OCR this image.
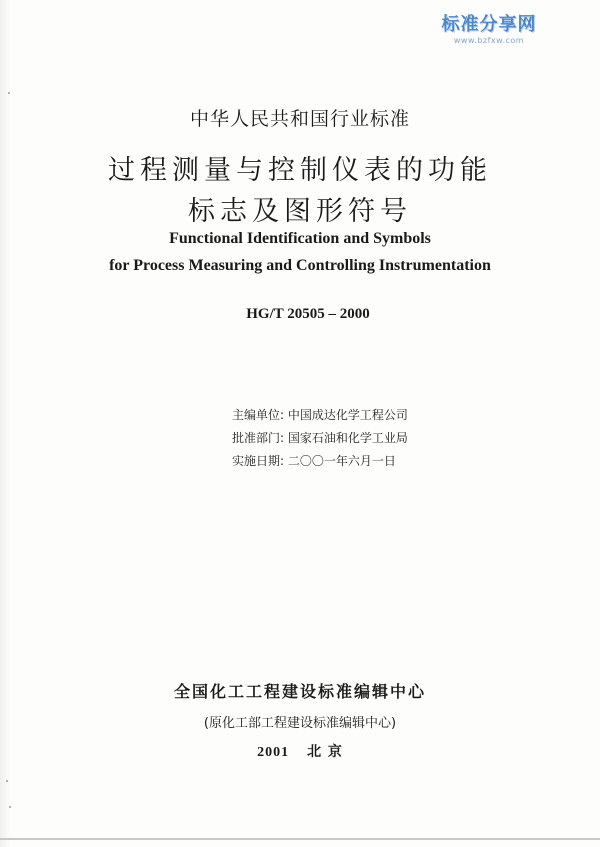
标准分享网
www.bzfxw.com
中华人民共和国行业标准
过程测量与控制仪表的功能
标志及图形符号
Functional Identification and Symbols
for Process Measuring and Controlling Instrumentation
HG/T 20505 – 2000
主编单位: 中国成达化学工程公司
批准部门: 国家石油和化学工业局
实施日期: 二〇〇一年六月一日
全国化工工程建设标准编辑中心
(原化工部工程建设标准编辑中心)
2001 北 京
